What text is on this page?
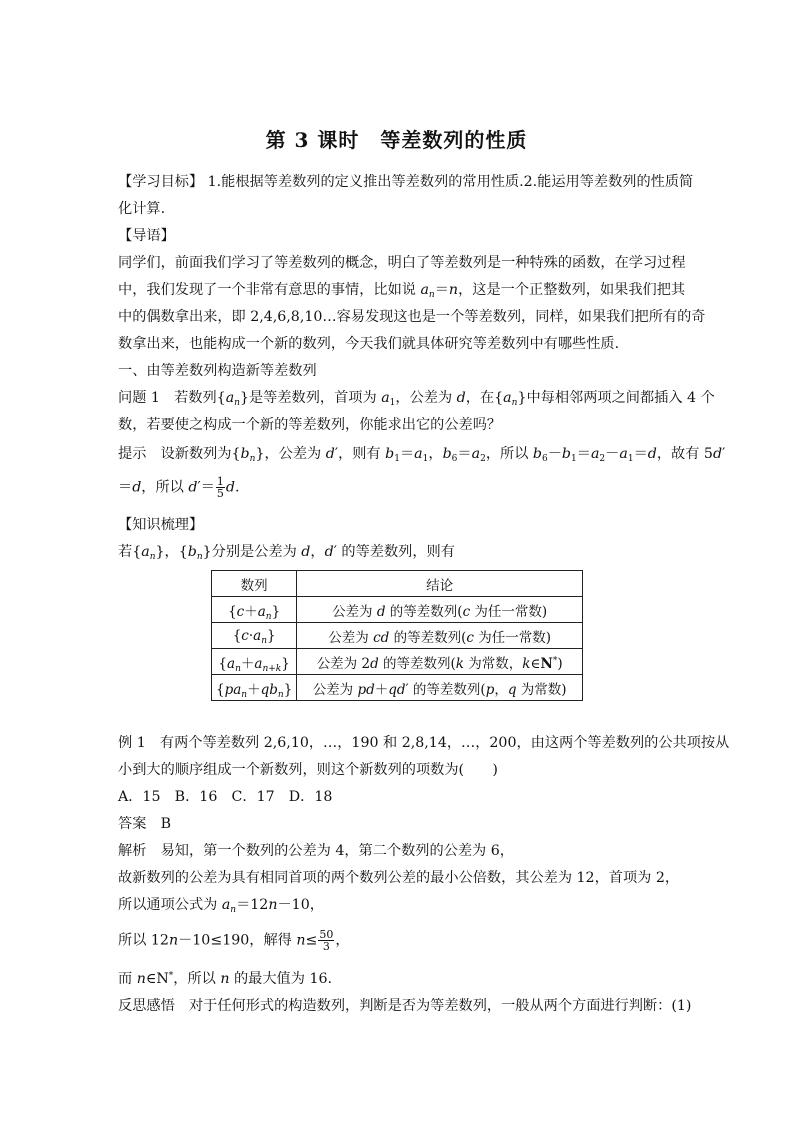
第 3 课时　等差数列的性质
【学习目标】 1.能根据等差数列的定义推出等差数列的常用性质.2.能运用等差数列的性质简
化计算.
【导语】
同学们，前面我们学习了等差数列的概念，明白了等差数列是一种特殊的函数，在学习过程
中，我们发现了一个非常有意思的事情，比如说 $a_n=n$，这是一个正整数列，如果我们把其
中的偶数拿出来，即 2,4,6,8,10…容易发现这也是一个等差数列，同样，如果我们把所有的奇
数拿出来，也能构成一个新的数列，今天我们就具体研究等差数列中有哪些性质.
一、由等差数列构造新等差数列
问题 1　若数列$\{a_n\}$是等差数列，首项为 $a_1$，公差为 d，在$\{a_n\}$中每相邻两项之间都插入 4 个
数，若要使之构成一个新的等差数列，你能求出它的公差吗？
提示　设新数列为$\{b_n\}$，公差为 d′，则有 $b_1=a_1$，$b_6=a_2$，所以 $b_6-b_1=a_2-a_1=d$，故有 5d′
＝d，所以 $d'= \frac{1}{5} d$.
【知识梳理】
若$\{a_n\}$，$\{b_n\}$分别是公差为 d，d′ 的等差数列，则有
数列	结论
$\{c+a_n\}$	公差为 d 的等差数列(c 为任一常数)
$\{c\cdot a_n\}$	公差为 cd 的等差数列(c 为任一常数)
$\{a_n+a_{n+k}\}$	公差为 2d 的等差数列(k 为常数，k∈N*)
$\{pa_n+qb_n\}$	公差为 pd＋qd′ 的等差数列(p，q 为常数)
例 1　有两个等差数列 2,6,10，…，190 和 2,8,14，…，200，由这两个等差数列的公共项按从
小到大的顺序组成一个新数列，则这个新数列的项数为(　　)
A．15　B．16　C．17　D．18
答案　B
解析　易知，第一个数列的公差为 4，第二个数列的公差为 6，
故新数列的公差为具有相同首项的两个数列公差的最小公倍数，其公差为 12，首项为 2，
所以通项公式为 $a_n=12n-10$，
所以 12n－10≤190，解得 $n\le \frac{50}{3}$ ，
而 n∈N*，所以 n 的最大值为 16.
反思感悟　对于任何形式的构造数列，判断是否为等差数列，一般从两个方面进行判断：(1)
